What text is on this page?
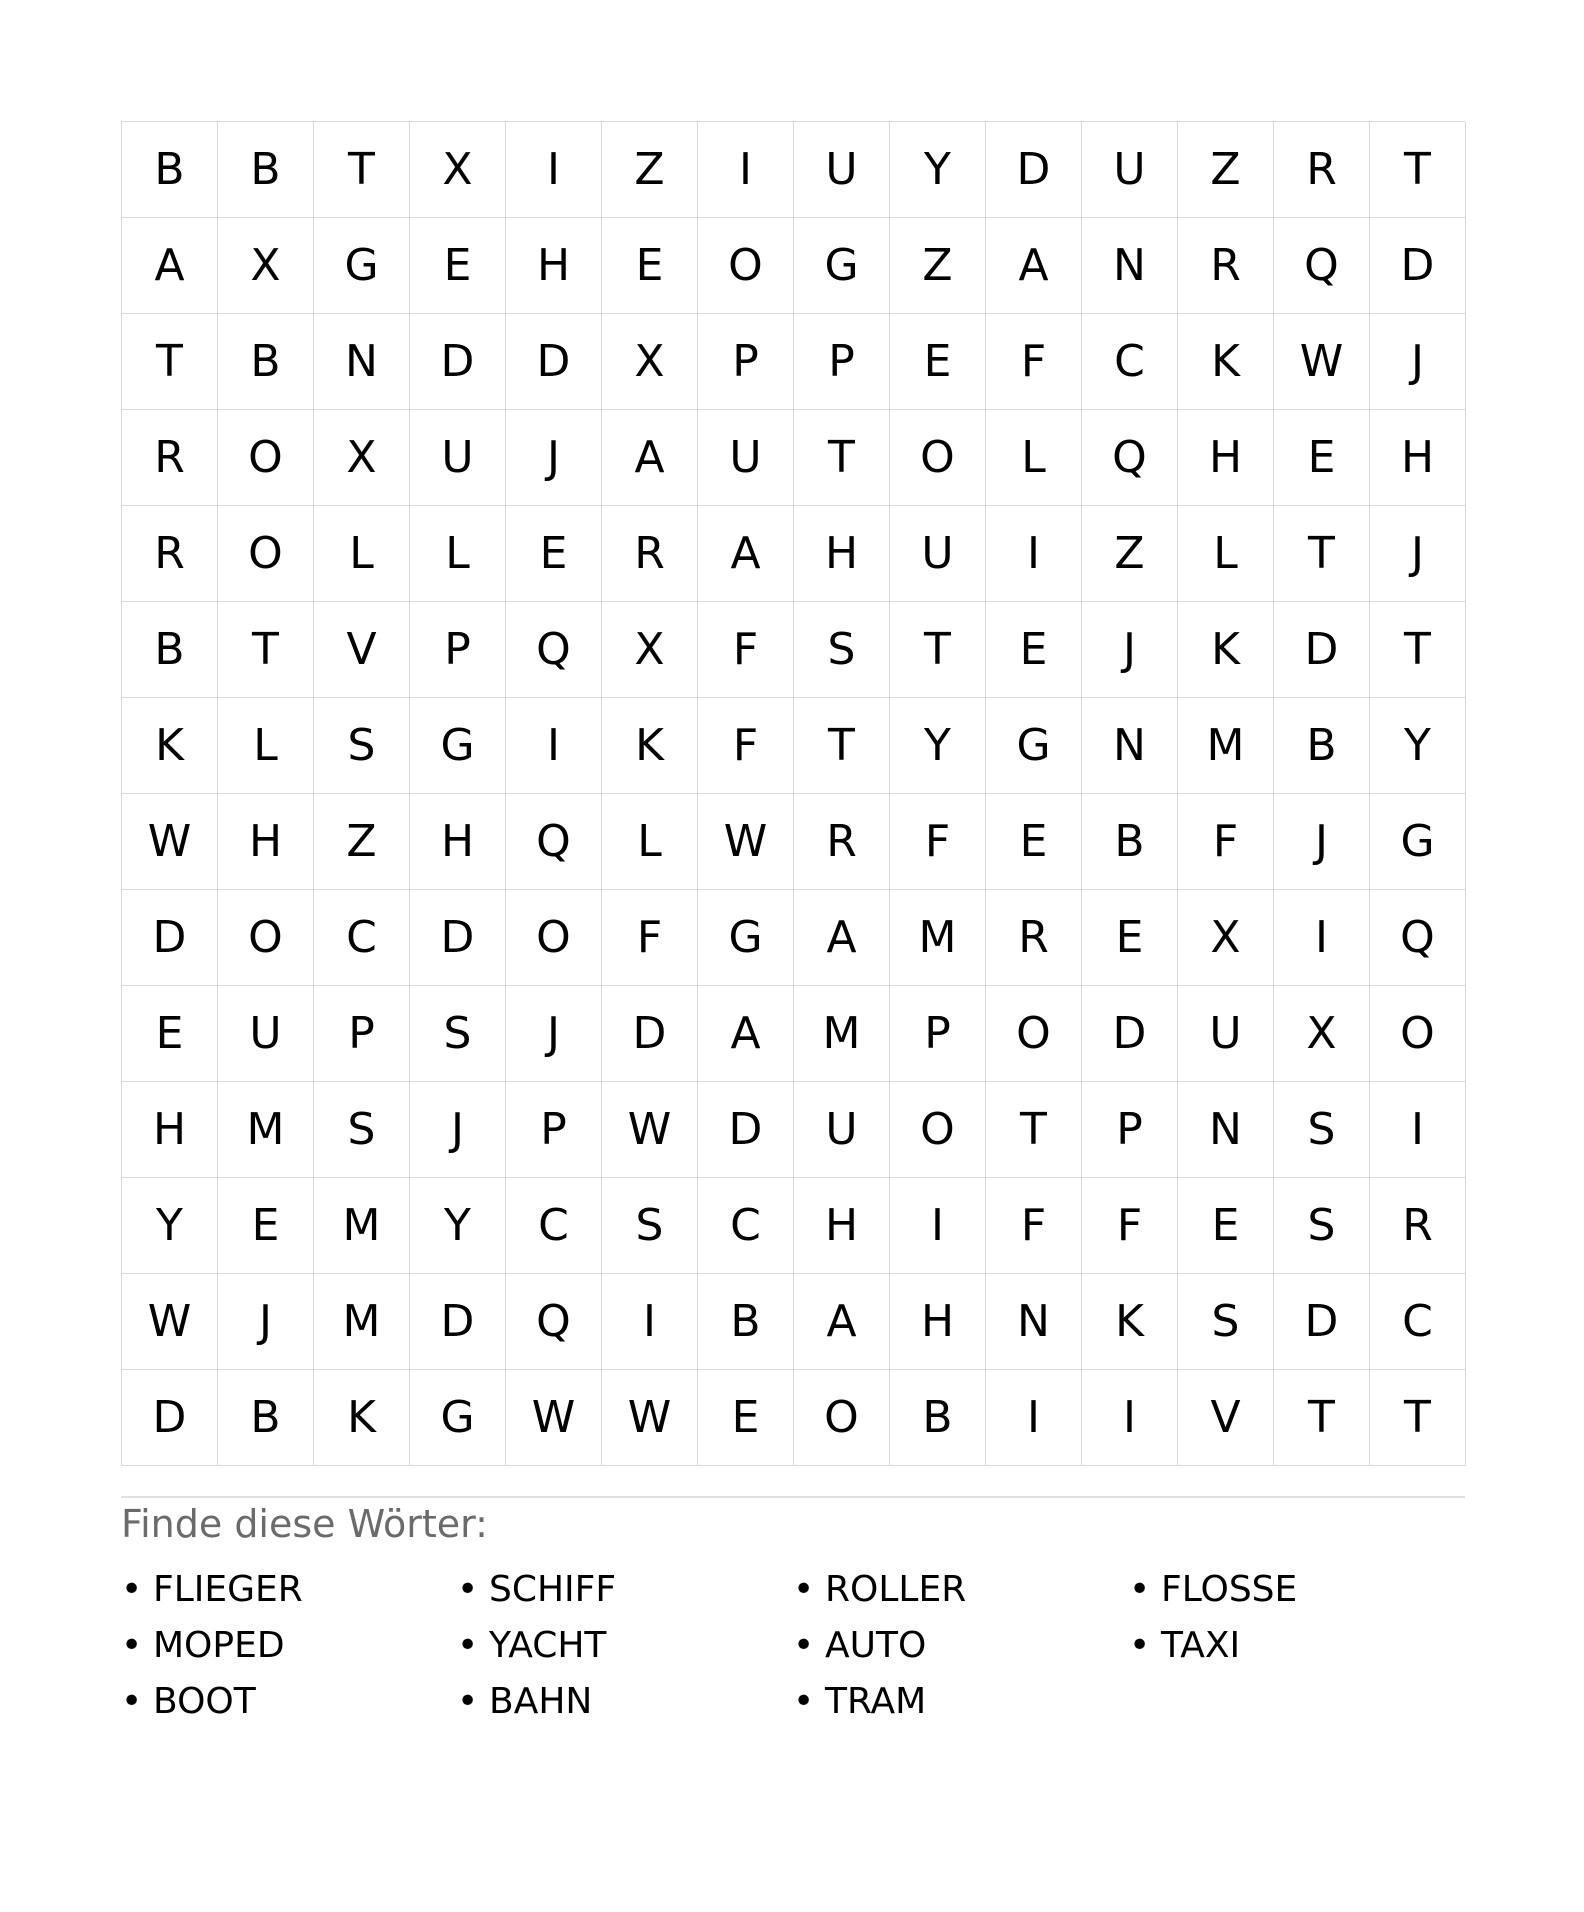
B	B	T	X	I	Z	I	U	Y	D	U	Z	R	T
A	X	G	E	H	E	O	G	Z	A	N	R	Q	D
T	B	N	D	D	X	P	P	E	F	C	K	W	J
R	O	X	U	J	A	U	T	O	L	Q	H	E	H
R	O	L	L	E	R	A	H	U	I	Z	L	T	J
B	T	V	P	Q	X	F	S	T	E	J	K	D	T
K	L	S	G	I	K	F	T	Y	G	N	M	B	Y
W	H	Z	H	Q	L	W	R	F	E	B	F	J	G
D	O	C	D	O	F	G	A	M	R	E	X	I	Q
E	U	P	S	J	D	A	M	P	O	D	U	X	O
H	M	S	J	P	W	D	U	O	T	P	N	S	I
Y	E	M	Y	C	S	C	H	I	F	F	E	S	R
W	J	M	D	Q	I	B	A	H	N	K	S	D	C
D	B	K	G	W	W	E	O	B	I	I	V	T	T
Finde diese Wörter:
• FLIEGER	• SCHIFF	• ROLLER	• FLOSSE
• MOPED	• YACHT	• AUTO	• TAXI
• BOOT	• BAHN	• TRAM
